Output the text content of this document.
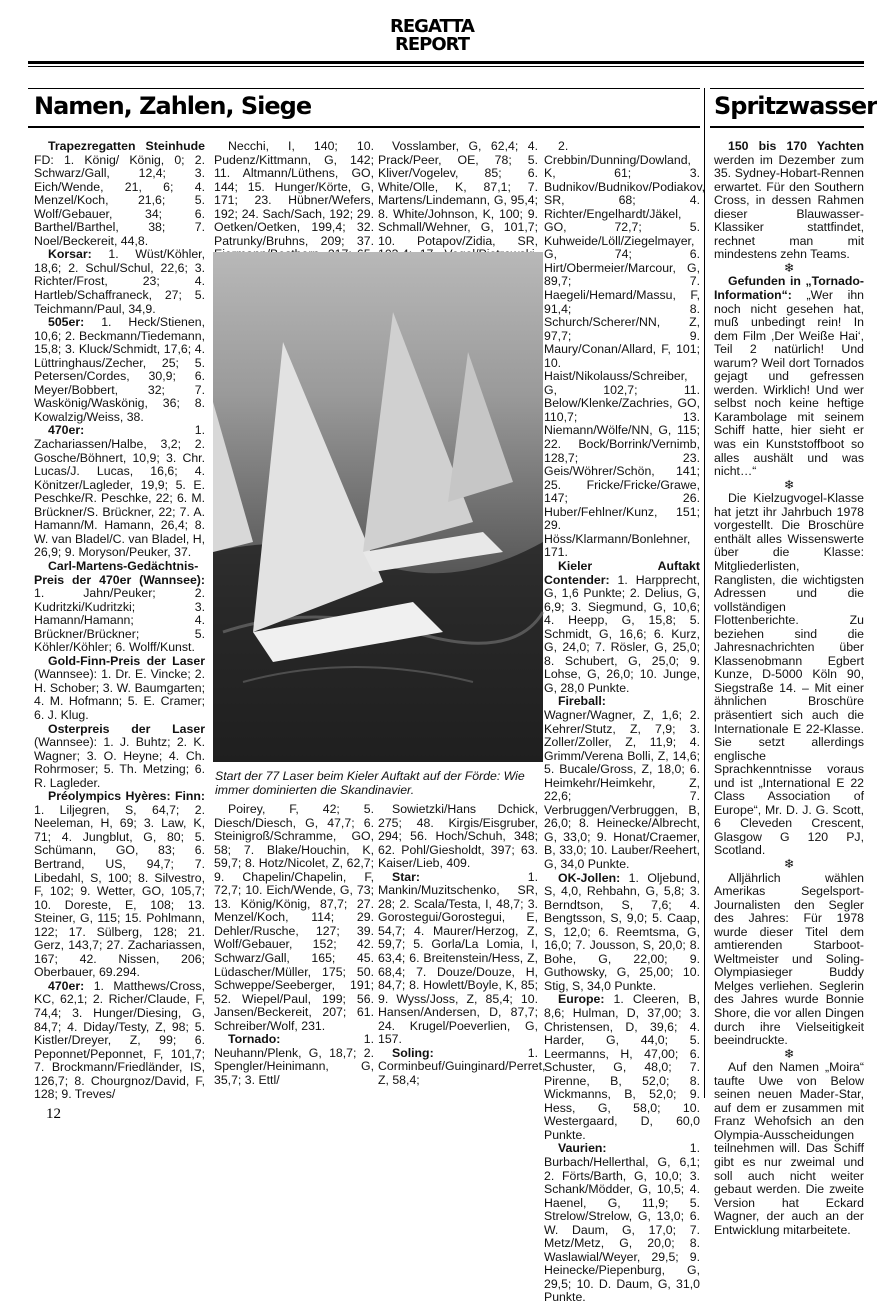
REGATTA
REPORT
Namen, Zahlen, Siege	Spritzwasser

Trapezregatten Steinhude FD: 1. König/ König, 0; 2. Schwarz/Gall, 12,4; 3. Eich/Wende, 21, 6; 4. Menzel/Koch, 21,6; 5. Wolf/Gebauer, 34; 6. Barthel/Barthel, 38; 7. Noel/Beckereit, 44,8.

Korsar: 1. Wüst/Köhler, 18,6; 2. Schul/Schul, 22,6; 3. Richter/Frost, 23; 4. Hartleb/Schaffraneck, 27; 5. Teichmann/Paul, 34,9.

505er: 1. Heck/Stienen, 10,6; 2. Beckmann/Tiedemann, 15,8; 3. Kluck/Schmidt, 17,6; 4. Lüttringhaus/Zecher, 25; 5. Petersen/Cordes, 30,9; 6. Meyer/Bobbert, 32; 7. Waskönig/Waskönig, 36; 8. Kowalzig/Weiss, 38.

470er: 1. Zachariassen/Halbe, 3,2; 2. Gosche/Böhnert, 10,9; 3. Chr. Lucas/J. Lucas, 16,6; 4. Könitzer/Lagleder, 19,9; 5. E. Peschke/R. Peschke, 22; 6. M. Brückner/S. Brückner, 22; 7. A. Hamann/M. Hamann, 26,4; 8. W. van Bladel/C. van Bladel, H, 26,9; 9. Moryson/Peuker, 37.

Carl-Martens-Gedächtnis-Preis der 470er (Wannsee): 1. Jahn/Peuker; 2. Kudritzki/Kudritzki; 3. Hamann/Hamann; 4. Brückner/Brückner; 5. Köhler/Köhler; 6. Wolff/Kunst.

Gold-Finn-Preis der Laser (Wannsee): 1. Dr. E. Vincke; 2. H. Schober; 3. W. Baumgarten; 4. M. Hofmann; 5. E. Cramer; 6. J. Klug.

Osterpreis der Laser (Wannsee): 1. J. Buhtz; 2. K. Wagner; 3. O. Heyne; 4. Ch. Rohrmoser; 5. Th. Metzing; 6. R. Lagleder.

Préolympics Hyères: Finn: 1. Liljegren, S, 64,7; 2. Neeleman, H, 69; 3. Law, K, 71; 4. Jungblut, G, 80; 5. Schümann, GO, 83; 6. Bertrand, US, 94,7; 7. Libedahl, S, 100; 8. Silvestro, F, 102; 9. Wetter, GO, 105,7; 10. Doreste, E, 108; 13. Steiner, G, 115; 15. Pohlmann, 122; 17. Sülberg, 128; 21. Gerz, 143,7; 27. Zachariassen, 167; 42. Nissen, 206; Oberbauer, 69.294.

470er: 1. Matthews/Cross, KC, 62,1; 2. Richer/Claude, F, 74,4; 3. Hunger/Diesing, G, 84,7; 4. Diday/Testy, Z, 98; 5. Kistler/Dreyer, Z, 99; 6. Peponnet/Peponnet, F, 101,7; 7. Brockmann/Friedländer, IS, 126,7; 8. Chourgnoz/David, F, 128; 9. Treves/

Necchi, I, 140; 10. Pudenz/Kittmann, G, 142; 11. Altmann/Lüthens, GO, 144; 15. Hunger/Körte, G, 171; 23. Hübner/Wefers, 192; 24. Sach/Sach, 192; 29. Oetken/Oetken, 199,4; 32. Patrunky/Bruhns, 209; 37.

Vosslamber, G, 62,4; 4. Prack/Peer, OE, 78; 5. Kliver/Vogelev, 85; 6. White/Olle, K, 87,1; 7. Martens/Lindemann, G, 95,4; 8. White/Johnson, K, 100; 9. Schmall/Wehner, G, 101,7; 10. Potapov/Zidia, SR,

Start der 77 Laser beim Kieler Auftakt auf der Förde: Wie immer dominierten die Skandinavier.

Poirey, F, 42; 5. Diesch/Diesch, G, 47,7; 6. Steinigroß/Schramme, GO, 58; 7. Blake/Houchin, K, 59,7; 8. Hotz/Nicolet, Z, 62,7; 9. Chapelin/Chapelin, F, 72,7; 10. Eich/Wende, G, 73; 13. König/König, 87,7; 27. Menzel/Koch, 114; 29. Dehler/Rusche, 127; 39. Wolf/Gebauer, 152; 42. Schwarz/Gall, 165; 45. Lüdascher/Müller, 175; 50. Schweppe/Seeberger, 191; 52. Wiepel/Paul, 199; 56. Jansen/Beckereit, 207; 61. Schreiber/Wolf, 231.

Tornado: 1. Neuhann/Plenk, G, 18,7; 2. Spengler/Heinimann, G, 35,7; 3. Ettl/

Sowietzki/Hans Dchick, 275; 48. Kirgis/Eisgruber, 294; 56. Hoch/Schuh, 348; 62. Pohl/Giesholdt, 397; 63. Kaiser/Lieb, 409.

Star: 1. Mankin/Muzitschenko, SR, 28; 2. Scala/Testa, I, 48,7; 3. Gorostegui/Gorostegui, E, 54,7; 4. Maurer/Herzog, Z, 59,7; 5. Gorla/La Lomia, I, 63,4; 6. Breitenstein/Hess, Z, 68,4; 7. Douze/Douze, H, 84,7; 8. Howlett/Boyle, K, 85; 9. Wyss/Joss, Z, 85,4; 10. Hansen/Andersen, D, 87,7; 24. Krugel/Poeverlien, G, 157.

Soling: 1. Corminbeuf/Guinginard/Perret, Z, 58,4;

2. Crebbin/Dunning/Dowland, K, 61; 3. Budnikov/Budnikov/Podiakov, SR, 68; 4. Richter/Engelhardt/Jäkel, GO, 72,7; 5. Kuhweide/Löll/Ziegelmayer, G, 74; 6. Hirt/Obermeier/Marcour, G, 89,7; 7. Haegeli/Hemard/Massu, F, 91,4; 8. Schurch/Scherer/NN, Z, 97,7; 9. Maury/Conan/Allard, F, 101; 10. Haist/Nikolauss/Schreiber, G, 102,7; 11. Below/Klenke/Zachries, GO, 110,7; 13. Niemann/Wölfe/NN, G, 115; 22. Bock/Borrink/Vernimb, 128,7; 23. Geis/Wöhrer/Schön, 141; 25. Fricke/Fricke/Grawe, 147; 26. Huber/Fehlner/Kunz, 151; 29. Höss/Klarmann/Bonlehner, 171.

Kieler Auftakt Contender: 1. Harpprecht, G, 1,6 Punkte; 2. Delius, G, 6,9; 3. Siegmund, G, 10,6; 4. Heepp, G, 15,8; 5. Schmidt, G, 16,6; 6. Kurz, G, 24,0; 7. Rösler, G, 25,0; 8. Schubert, G, 25,0; 9. Lohse, G, 26,0; 10. Junge, G, 28,0 Punkte.

Fireball: Wagner/Wagner, Z, 1,6; 2. Kehrer/Stutz, Z, 7,9; 3. Zoller/Zoller, Z, 11,9; 4. Grimm/Verena Bolli, Z, 14,6; 5. Bucale/Gross, Z, 18,0; 6. Heimkehr/Heimkehr, Z, 22,6; 7. Verbruggen/Verbruggen, B, 26,0; 8. Heinecke/Albrecht, G, 33,0; 9. Honat/Craemer, B, 33,0; 10. Lauber/Reehert, G, 34,0 Punkte.

OK-Jollen: 1. Oljebund, S, 4,0, Rehbahn, G, 5,8; 3. Berndtson, S, 7,6; 4. Bengtsson, S, 9,0; 5. Caap, S, 12,0; 6. Reemtsma, G, 16,0; 7. Jousson, S, 20,0; 8. Bohe, G, 22,00; 9. Guthowsky, G, 25,00; 10. Stig, S, 34,0 Punkte.

Europe: 1. Cleeren, B, 8,6; Hulman, D, 37,00; 3. Christensen, D, 39,6; 4. Harder, G, 44,0; 5. Leermanns, H, 47,00; 6. Schuster, G, 48,0; 7. Pirenne, B, 52,0; 8. Wickmanns, B, 52,0; 9. Hess, G, 58,0; 10. Westergaard, D, 60,0 Punkte.

Vaurien: 1. Burbach/Hellerthal, G, 6,1; 2. Förts/Barth, G, 10,0; 3. Schank/Mödder, G, 10,5; 4. Haenel, G, 11,9; 5. Strelow/Strelow, G, 13,0; 6. W. Daum, G, 17,0; 7. Metz/Metz, G, 20,0; 8. Waslawial/Weyer, 29,5; 9. Heinecke/Piepenburg, G, 29,5; 10. D. Daum, G, 31,0 Punkte.

150 bis 170 Yachten werden im Dezember zum 35. Sydney-Hobart-Rennen erwartet. Für den Southern Cross, in dessen Rahmen dieser Blauwasser-Klassiker stattfindet, rechnet man mit mindestens zehn Teams.

❄

Gefunden in „Tornado-Information“: „Wer ihn noch nicht gesehen hat, muß unbedingt rein! In dem Film ,Der Weiße Hai‘, Teil 2 natürlich! Und warum? Weil dort Tornados gejagt und gefressen werden. Wirklich! Und wer selbst noch keine heftige Karambolage mit seinem Schiff hatte, hier sieht er was ein Kunststoffboot so alles aushält und was nicht…“

❄

Die Kielzugvogel-Klasse hat jetzt ihr Jahrbuch 1978 vorgestellt. Die Broschüre enthält alles Wissenswerte über die Klasse: Mitgliederlisten, Ranglisten, die wichtigsten Adressen und die vollständigen Flottenberichte. Zu beziehen sind die Jahresnachrichten über Klassenobmann Egbert Kunze, D-5000 Köln 90, Siegstraße 14. – Mit einer ähnlichen Broschüre präsentiert sich auch die Internationale E 22-Klasse. Sie setzt allerdings englische Sprachkenntnisse voraus und ist „International E 22 Class Association of Europe“, Mr. D. J. G. Scott, 6 Cleveden Crescent, Glasgow G 120 PJ, Scotland.

❄

Alljährlich wählen Amerikas Segelsport-Journalisten den Segler des Jahres: Für 1978 wurde dieser Titel dem amtierenden Starboot-Weltmeister und Soling-Olympiasieger Buddy Melges verliehen. Seglerin des Jahres wurde Bonnie Shore, die vor allen Dingen durch ihre Vielseitigkeit beeindruckte.

❄

Auf den Namen „Moira“ taufte Uwe von Below seinen neuen Mader-Star, auf dem er zusammen mit Franz Wehofsich an den Olympia-Ausscheidungen teilnehmen will. Das Schiff gibt es nur zweimal und soll auch nicht weiter gebaut werden. Die zweite Version hat Eckard Wagner, der auch an der Entwicklung mitarbeitete.

12
